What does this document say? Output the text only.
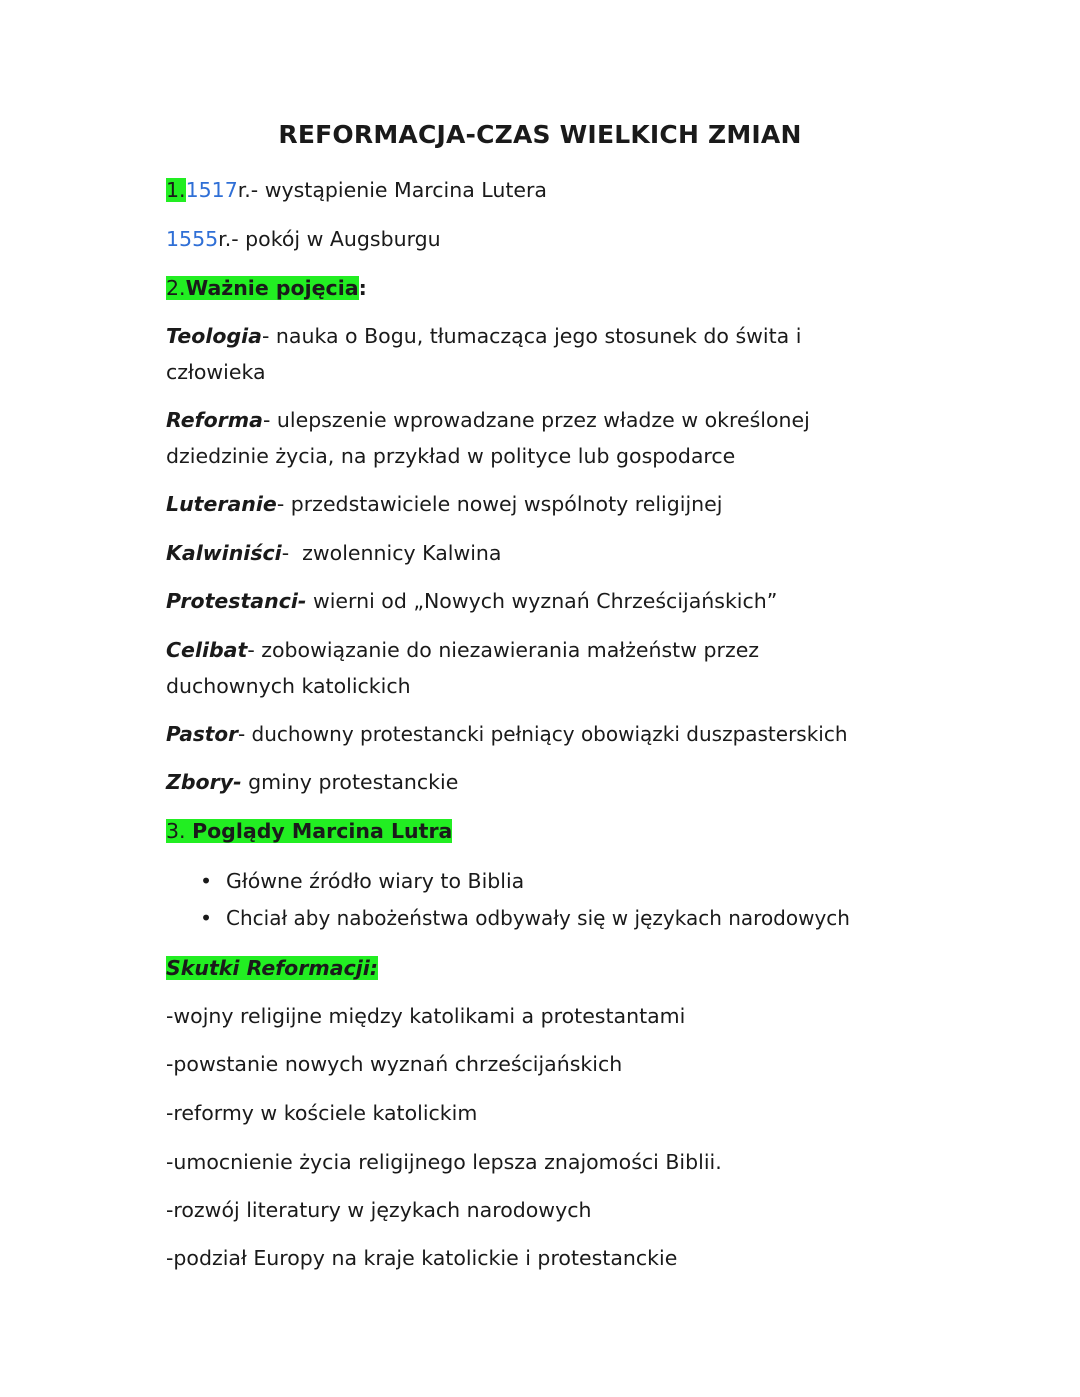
REFORMACJA-CZAS WIELKICH ZMIAN
1.1517r.- wystąpienie Marcina Lutera
1555r.- pokój w Augsburgu
2.Ważnie pojęcia:
Teologia- nauka o Bogu, tłumacząca jego stosunek do świta i
człowieka
Reforma- ulepszenie wprowadzane przez władze w określonej
dziedzinie życia, na przykład w polityce lub gospodarce
Luteranie- przedstawiciele nowej wspólnoty religijnej
Kalwiniści-  zwolennicy Kalwina
Protestanci- wierni od „Nowych wyznań Chrześcijańskich”
Celibat- zobowiązanie do niezawierania małżeństw przez
duchownych katolickich
Pastor- duchowny protestancki pełniący obowiązki duszpasterskich
Zbory- gminy protestanckie
3. Poglądy Marcina Lutra
• Główne źródło wiary to Biblia
• Chciał aby nabożeństwa odbywały się w językach narodowych
Skutki Reformacji:
-wojny religijne między katolikami a protestantami
-powstanie nowych wyznań chrześcijańskich
-reformy w kościele katolickim
-umocnienie życia religijnego lepsza znajomości Biblii.
-rozwój literatury w językach narodowych
-podział Europy na kraje katolickie i protestanckie
